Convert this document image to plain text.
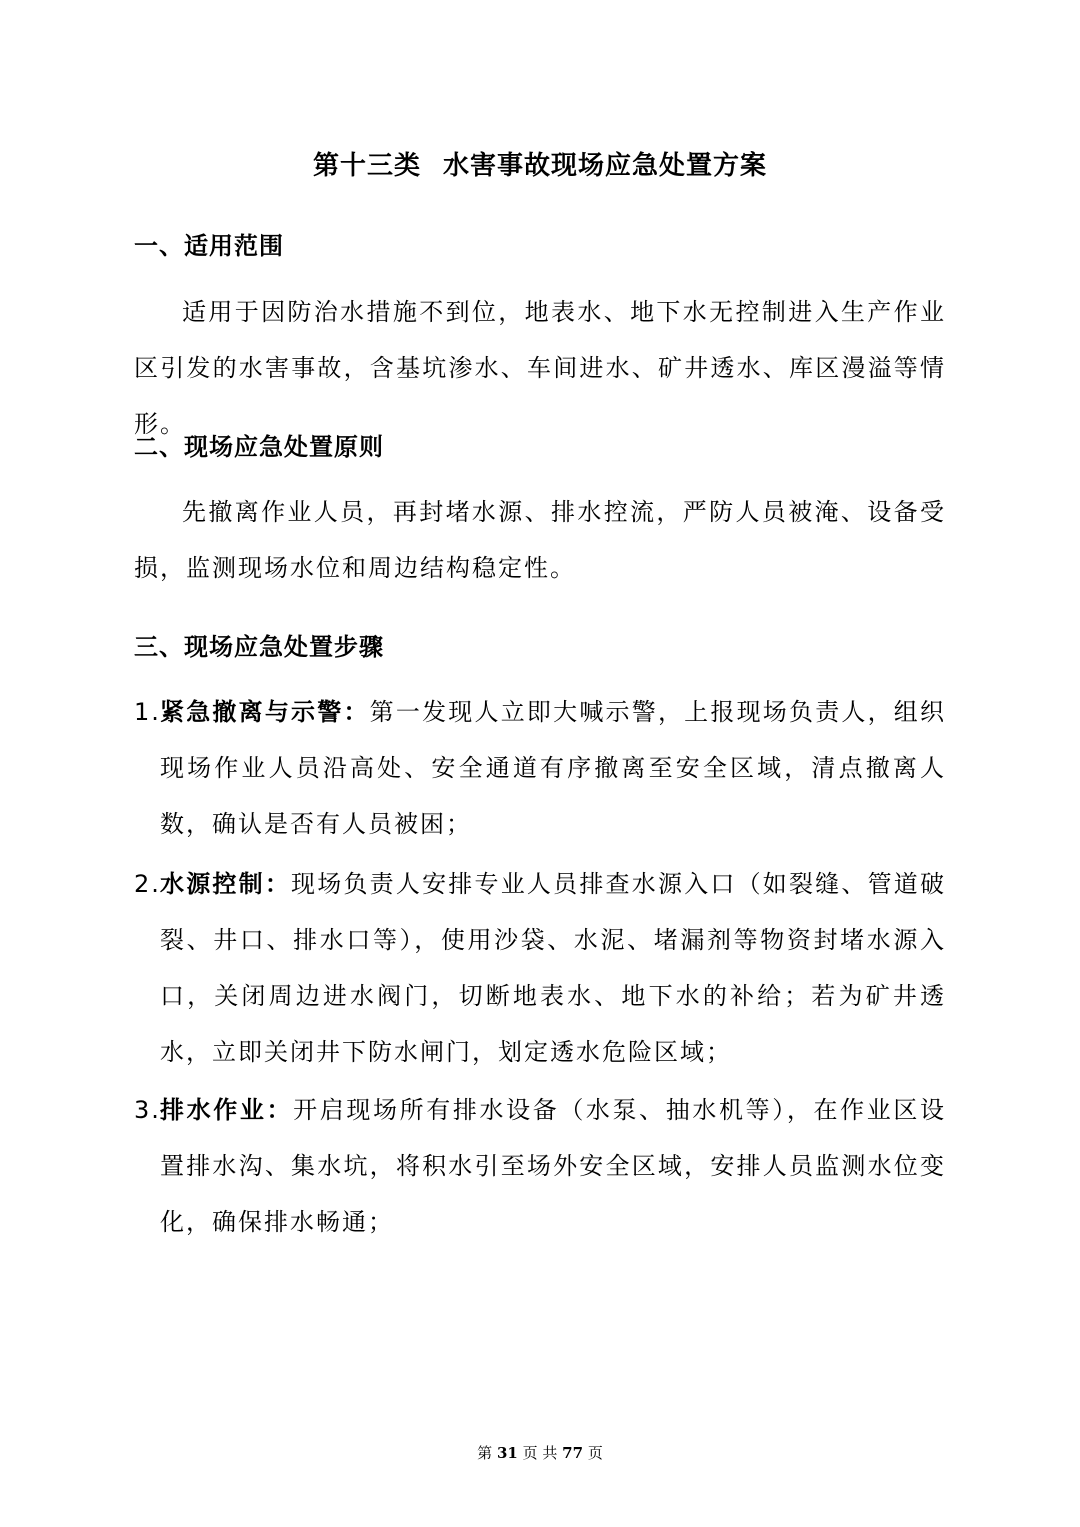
第十三类 水害事故现场应急处置方案
一、适用范围
适用于因防治水措施不到位，地表水、地下水无控制进入生产作业区引发的水害事故，含基坑渗水、车间进水、矿井透水、库区漫溢等情形。
二、现场应急处置原则
先撤离作业人员，再封堵水源、排水控流，严防人员被淹、设备受损，监测现场水位和周边结构稳定性。
三、现场应急处置步骤
1. 紧急撤离与示警：第一发现人立即大喊示警，上报现场负责人，组织现场作业人员沿高处、安全通道有序撤离至安全区域，清点撤离人数，确认是否有人员被困；
2. 水源控制：现场负责人安排专业人员排查水源入口（如裂缝、管道破裂、井口、排水口等），使用沙袋、水泥、堵漏剂等物资封堵水源入口，关闭周边进水阀门，切断地表水、地下水的补给；若为矿井透水，立即关闭井下防水闸门，划定透水危险区域；
3. 排水作业：开启现场所有排水设备（水泵、抽水机等），在作业区设置排水沟、集水坑，将积水引至场外安全区域，安排人员监测水位变化，确保排水畅通；
第 31 页 共 77 页
